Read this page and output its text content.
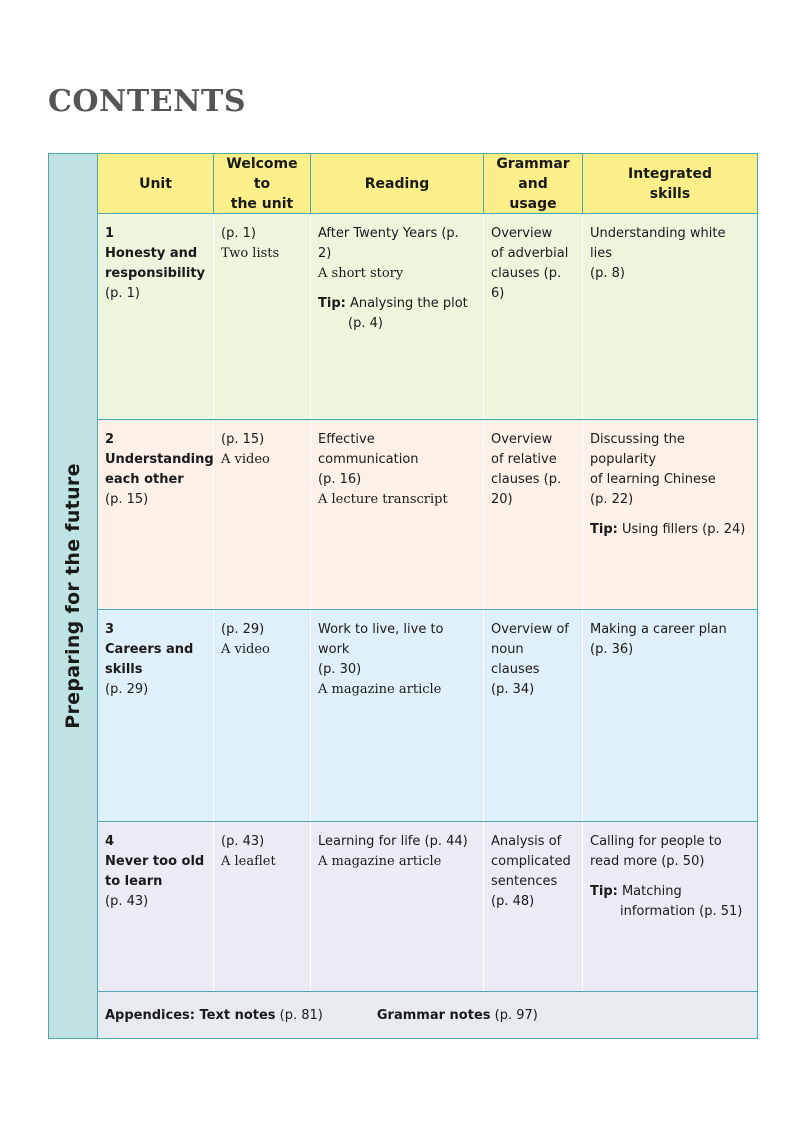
CONTENTS
Preparing for the future
Unit
Welcome to
the unit
Reading
Grammar
and
usage
Integrated
skills

1

Honesty and

responsibility

(p. 1)

(p. 1)

Two lists

After Twenty Years (p. 2)

A short story

Tip: Analysing the plot

(p. 4)

Overview

of adverbial

clauses (p. 6)

Understanding white lies

(p. 8)

2

Understanding

each other

(p. 15)

(p. 15)

A video

Effective communication

(p. 16)

A lecture transcript

Overview

of relative

clauses (p. 20)

Discussing the popularity

of learning Chinese

(p. 22)

Tip: Using fillers (p. 24)

3

Careers and

skills

(p. 29)

(p. 29)

A video

Work to live, live to work

(p. 30)

A magazine article

Overview of

noun clauses

(p. 34)

Making a career plan

(p. 36)

4

Never too old

to learn

(p. 43)

(p. 43)

A leaflet

Learning for life (p. 44)

A magazine article

Analysis of

complicated

sentences

(p. 48)

Calling for people to

read more (p. 50)

Tip: Matching

information (p. 51)

Appendices: Text notes (p. 81)	Grammar notes (p. 97)
